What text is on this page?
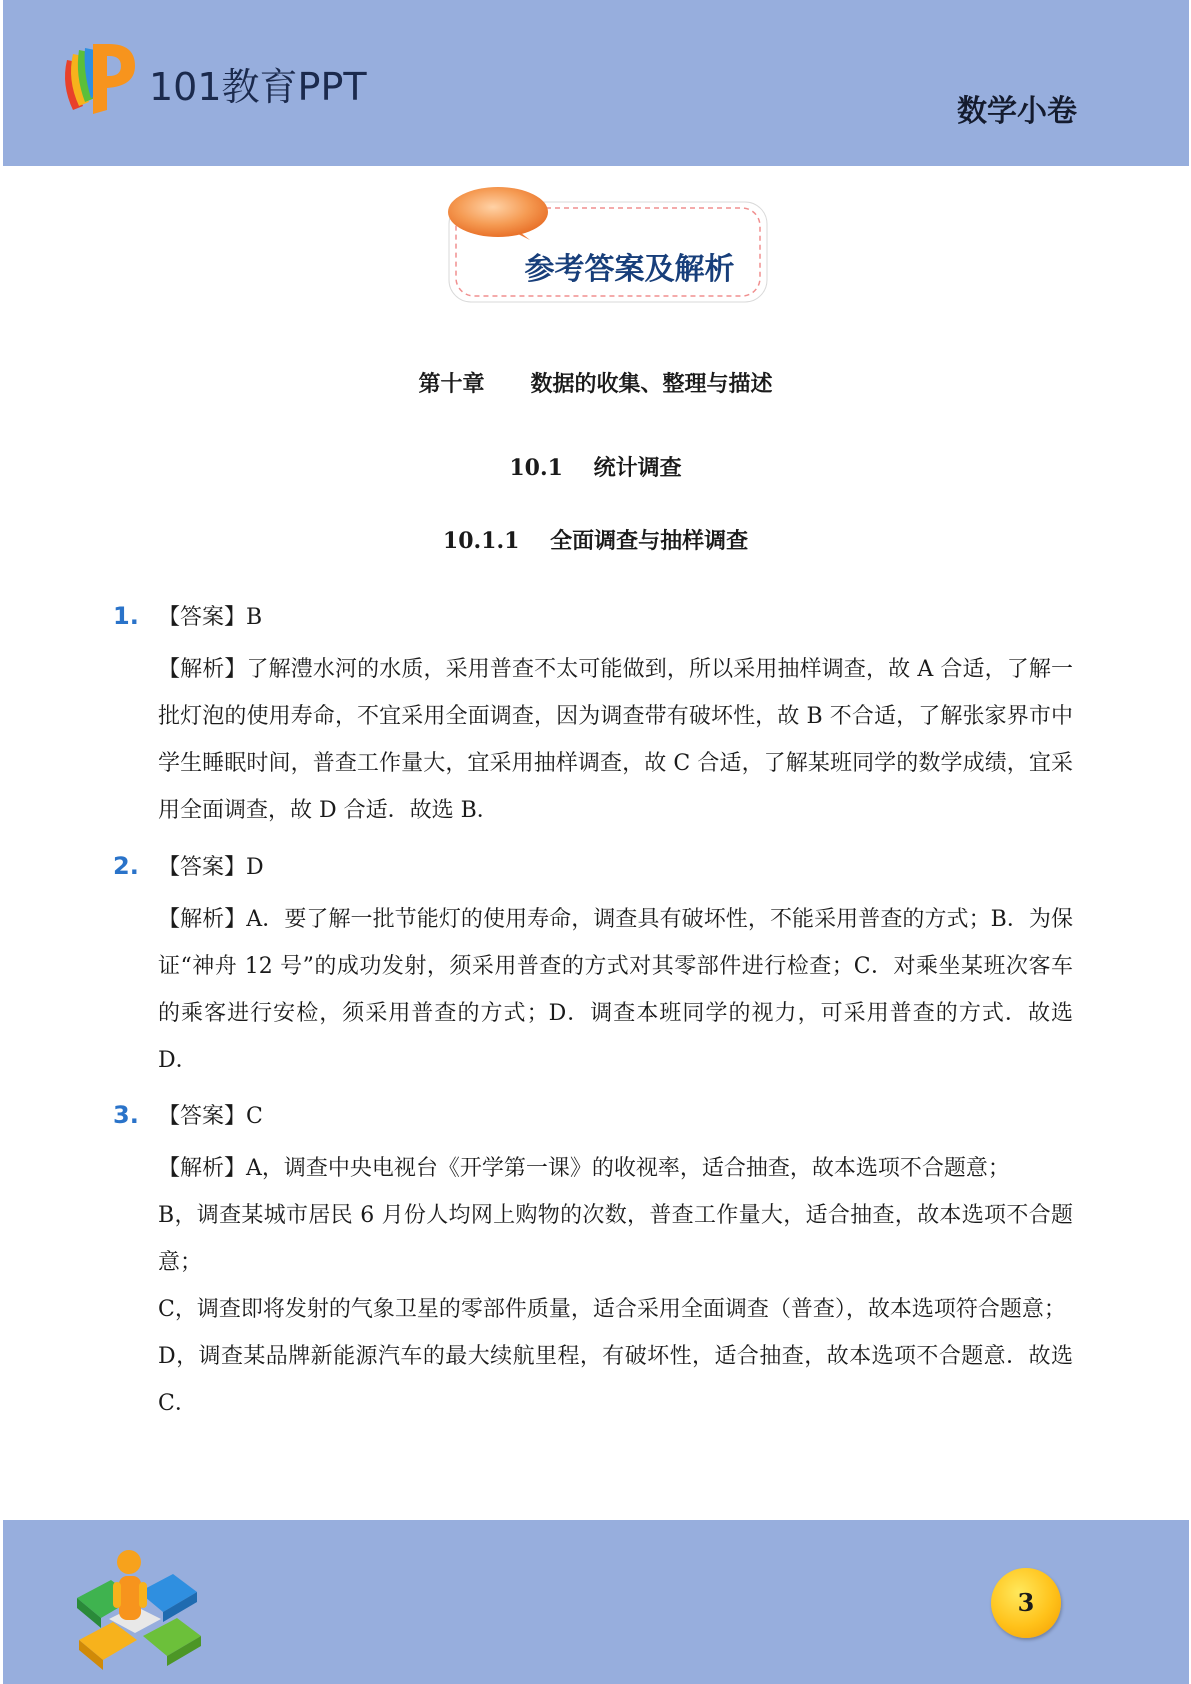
101教育PPT
数学小卷
参考答案及解析
第十章      数据的收集、整理与描述
10.1    统计调查
10.1.1    全面调查与抽样调查
1. 【答案】B
【解析】了解澧水河的水质，采用普查不太可能做到，所以采用抽样调查，故 A 合适，了解一批灯泡的使用寿命，不宜采用全面调查，因为调查带有破坏性，故 B 不合适，了解张家界市中学生睡眠时间，普查工作量大，宜采用抽样调查，故 C 合适，了解某班同学的数学成绩，宜采用全面调查，故 D 合适．故选 B．
2. 【答案】D
【解析】A．要了解一批节能灯的使用寿命，调查具有破坏性，不能采用普查的方式；B．为保证“神舟 12 号”的成功发射，须采用普查的方式对其零部件进行检查；C．对乘坐某班次客车的乘客进行安检，须采用普查的方式；D．调查本班同学的视力，可采用普查的方式．故选 D．
3. 【答案】C
【解析】A，调查中央电视台《开学第一课》的收视率，适合抽查，故本选项不合题意；
B，调查某城市居民 6 月份人均网上购物的次数，普查工作量大，适合抽查，故本选项不合题意；
C，调查即将发射的气象卫星的零部件质量，适合采用全面调查（普查），故本选项符合题意；
D，调查某品牌新能源汽车的最大续航里程，有破坏性，适合抽查，故本选项不合题意．故选 C．
3
